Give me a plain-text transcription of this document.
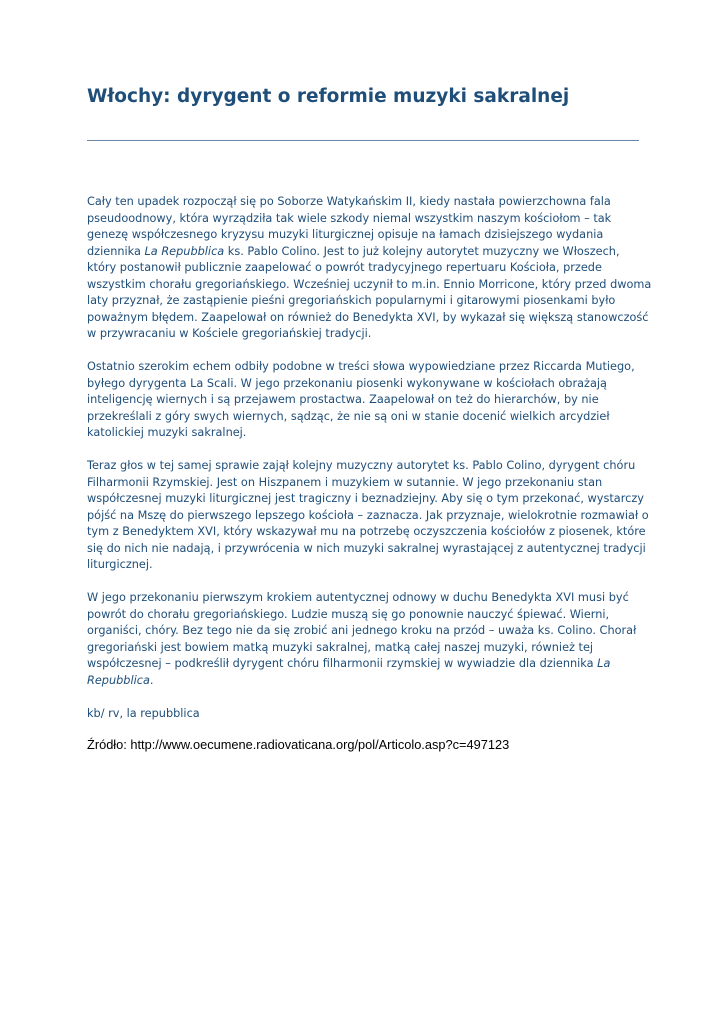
Włochy: dyrygent o reformie muzyki sakralnej

Cały ten upadek rozpoczął się po Soborze Watykańskim II, kiedy nastała powierzchowna fala
pseudoodnowy, która wyrządziła tak wiele szkody niemal wszystkim naszym kościołom – tak
genezę współczesnego kryzysu muzyki liturgicznej opisuje na łamach dzisiejszego wydania
dziennika La Repubblica ks. Pablo Colino. Jest to już kolejny autorytet muzyczny we Włoszech,
który postanowił publicznie zaapelować o powrót tradycyjnego repertuaru Kościoła, przede
wszystkim chorału gregoriańskiego. Wcześniej uczynił to m.in. Ennio Morricone, który przed dwoma
laty przyznał, że zastąpienie pieśni gregoriańskich popularnymi i gitarowymi piosenkami było
poważnym błędem. Zaapelował on również do Benedykta XVI, by wykazał się większą stanowczość
w przywracaniu w Kościele gregoriańskiej tradycji.

Ostatnio szerokim echem odbiły podobne w treści słowa wypowiedziane przez Riccarda Mutiego,
byłego dyrygenta La Scali. W jego przekonaniu piosenki wykonywane w kościołach obrażają
inteligencję wiernych i są przejawem prostactwa. Zaapelował on też do hierarchów, by nie
przekreślali z góry swych wiernych, sądząc, że nie są oni w stanie docenić wielkich arcydzieł
katolickiej muzyki sakralnej.

Teraz głos w tej samej sprawie zajął kolejny muzyczny autorytet ks. Pablo Colino, dyrygent chóru
Filharmonii Rzymskiej. Jest on Hiszpanem i muzykiem w sutannie. W jego przekonaniu stan
współczesnej muzyki liturgicznej jest tragiczny i beznadziejny. Aby się o tym przekonać, wystarczy
pójść na Mszę do pierwszego lepszego kościoła – zaznacza. Jak przyznaje, wielokrotnie rozmawiał o
tym z Benedyktem XVI, który wskazywał mu na potrzebę oczyszczenia kościołów z piosenek, które
się do nich nie nadają, i przywrócenia w nich muzyki sakralnej wyrastającej z autentycznej tradycji
liturgicznej.

W jego przekonaniu pierwszym krokiem autentycznej odnowy w duchu Benedykta XVI musi być
powrót do chorału gregoriańskiego. Ludzie muszą się go ponownie nauczyć śpiewać. Wierni,
organiści, chóry. Bez tego nie da się zrobić ani jednego kroku na przód – uważa ks. Colino. Chorał
gregoriański jest bowiem matką muzyki sakralnej, matką całej naszej muzyki, również tej
współczesnej – podkreślił dyrygent chóru filharmonii rzymskiej w wywiadzie dla dziennika La
Repubblica.

kb/ rv, la repubblica

Źródło: http://www.oecumene.radiovaticana.org/pol/Articolo.asp?c=497123
